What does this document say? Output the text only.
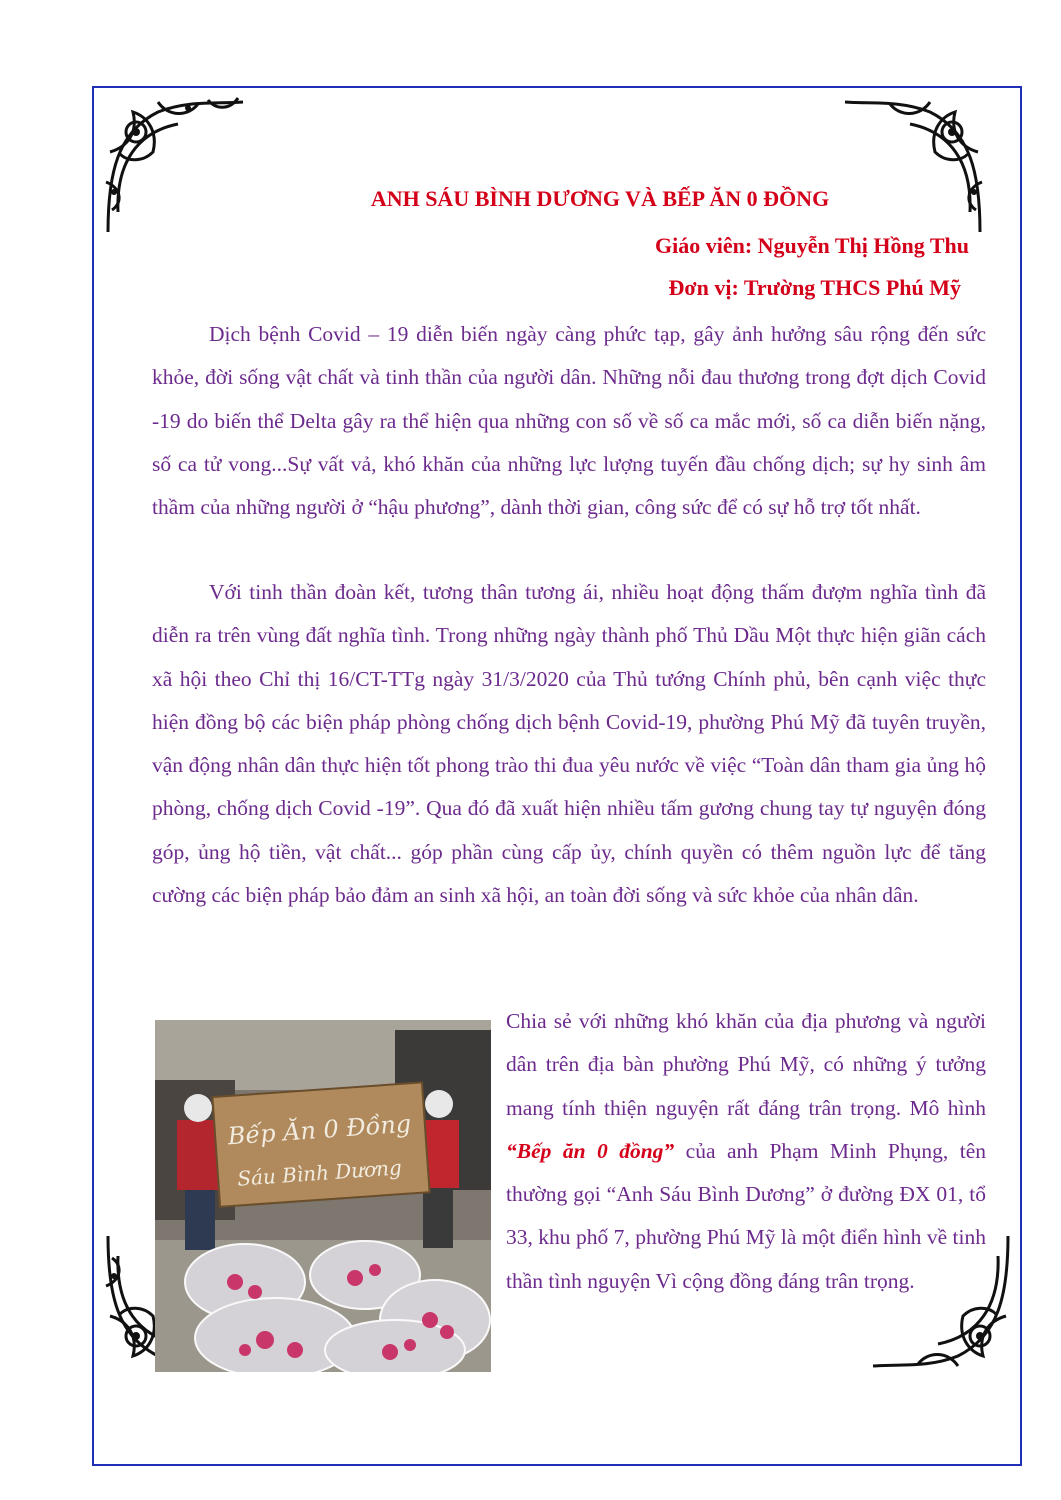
ANH SÁU BÌNH DƯƠNG VÀ BẾP ĂN 0 ĐỒNG

Giáo viên: Nguyễn Thị Hồng Thu

Đơn vị: Trường THCS Phú Mỹ

Dịch bệnh Covid – 19 diễn biến ngày càng phức tạp, gây ảnh hưởng sâu rộng đến sức khỏe, đời sống vật chất và tinh thần của người dân. Những nỗi đau thương trong đợt dịch Covid -19 do biến thể Delta gây ra thể hiện qua những con số về số ca mắc mới, số ca diễn biến nặng, số ca tử vong...Sự vất vả, khó khăn của những lực lượng tuyến đầu chống dịch; sự hy sinh âm thầm của những người ở “hậu phương”, dành thời gian, công sức để có sự hỗ trợ tốt nhất.

Với tinh thần đoàn kết, tương thân tương ái, nhiều hoạt động thấm đượm nghĩa tình đã diễn ra trên vùng đất nghĩa tình. Trong những ngày thành phố Thủ Dầu Một thực hiện giãn cách xã hội theo Chỉ thị 16/CT-TTg ngày 31/3/2020 của Thủ tướng Chính phủ, bên cạnh việc thực hiện đồng bộ các biện pháp phòng chống dịch bệnh Covid-19, phường Phú Mỹ đã tuyên truyền, vận động nhân dân thực hiện tốt phong trào thi đua yêu nước về việc “Toàn dân tham gia ủng hộ phòng, chống dịch Covid -19”. Qua đó đã xuất hiện nhiều tấm gương chung tay tự nguyện đóng góp, ủng hộ tiền, vật chất... góp phần cùng cấp ủy, chính quyền có thêm nguồn lực để tăng cường các biện pháp bảo đảm an sinh xã hội, an toàn đời sống và sức khỏe của nhân dân.

Bếp Ăn 0 Đồng
Sáu Bình Dương

Chia sẻ với những khó khăn của địa phương và người dân trên địa bàn phường Phú Mỹ, có những ý tưởng mang tính thiện nguyện rất đáng trân trọng. Mô hình “Bếp ăn 0 đồng” của anh Phạm Minh Phụng, tên thường gọi “Anh Sáu Bình Dương” ở đường ĐX 01, tổ 33, khu phố 7, phường Phú Mỹ là một điển hình về tinh thần tình nguyện Vì cộng đồng đáng trân trọng.
